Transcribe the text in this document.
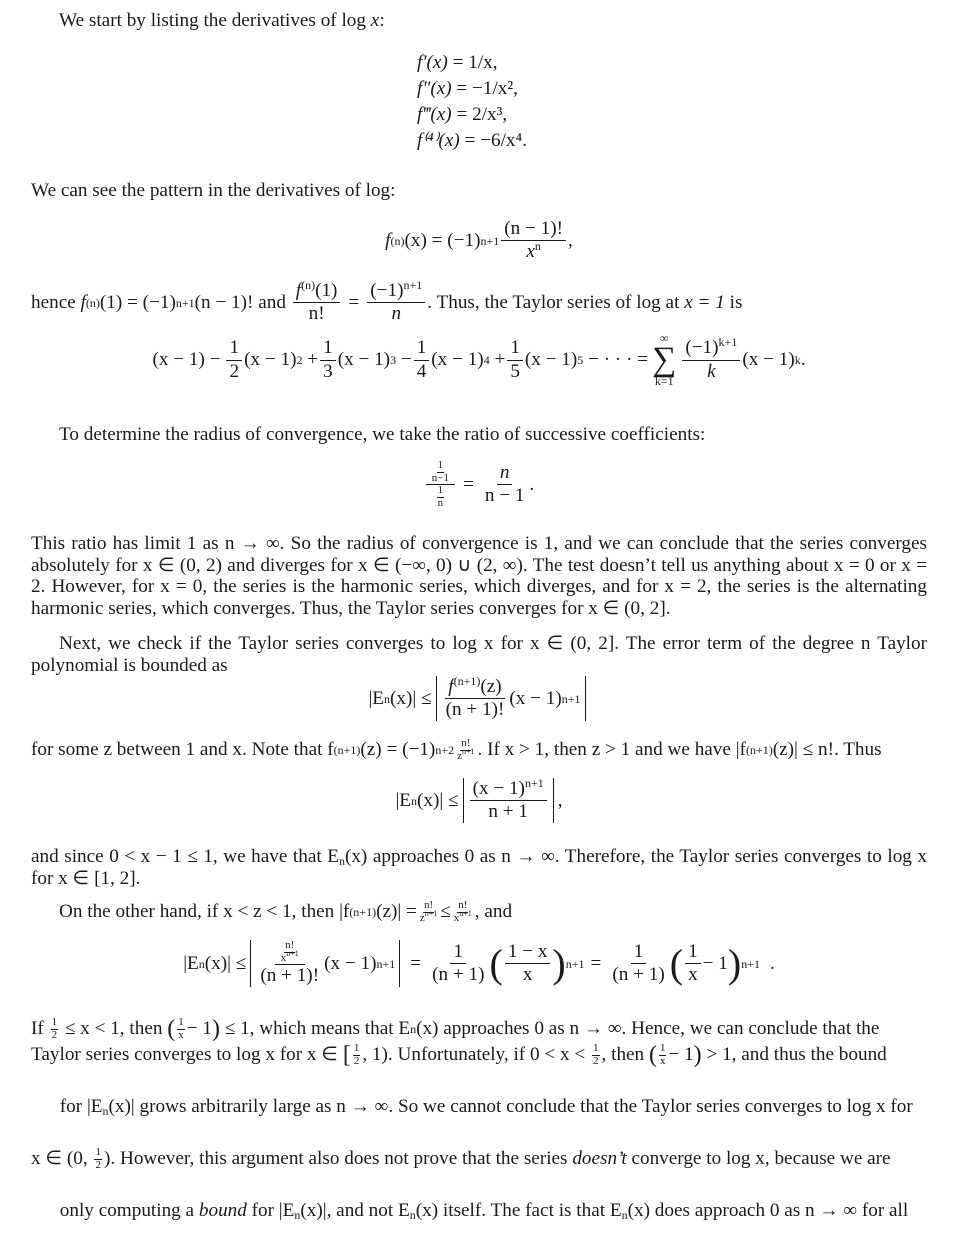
We start by listing the derivatives of log x:

f′(x) = 1/x,
f″(x) = −1/x²,
f‴(x) = 2/x³,
f⁽⁴⁾(x) = −6/x⁴.

We can see the pattern in the derivatives of log:

f (n) (x) = (−1) $n+1 \frac{(n - 1)!}{x^n}$ ,
hence
f (n) (1) = (−1) n+1 (n − 1)! and $\frac{f^{(n)}(1)}{n!} = \frac{(-1)^{n+1}}{n}$ . Thus, the Taylor series of log at x = 1 is
$(x - 1) - \frac{1}{2} (x - 1)$ 2
+ $\frac{1}{3} (x - 1)$ 3
− $\frac{1}{4} (x - 1)$ 4
+ $\frac{1}{5} (x - 1)$ 5
− · · · =
∞
∑
$k=1 \frac{(-1)^{k+1}}{k} (x - 1)$ k .

To determine the radius of convergence, we take the ratio of successive coefficients:

$\frac{\frac{1}{n-1}}{\frac{1}{n}} = \frac{n}{n - 1}$ .

This ratio has limit 1 as n → ∞. So the radius of convergence is 1, and we can conclude that the series converges absolutely for x ∈ (0, 2) and diverges for x ∈ (−∞, 0) ∪ (2, ∞). The test doesn’t tell us anything about x = 0 or x = 2. However, for x = 0, the series is the harmonic series, which diverges, and for x = 2, the series is the alternating harmonic series, which converges. Thus, the Taylor series converges for x ∈ (0, 2].

Next, we check if the Taylor series converges to log x for x ∈ (0, 2]. The error term of the degree n Taylor polynomial is bounded as

|E n $(x)| \le \frac{f^{(n+1)}(z)}{(n + 1)!} (x - 1)$ n+1
for some z between 1 and x. Note that f (n+1) (z) = (−1) $n+2 \frac{n!}{z^{n+1}}$ . If x > 1, then z > 1 and we have |f (n+1) (z)| ≤ n!. Thus
|E n $(x)| \le \frac{(x - 1)^{n+1}}{n + 1}$ ,

and since 0 < x − 1 ≤ 1, we have that $E_n(x)$ approaches 0 as n → ∞. Therefore, the Taylor series converges to log x for x ∈ [1, 2].

On the other hand, if x < z < 1, then |f (n+1) $(z)| = \frac{n!}{z^{n+1}} \le \frac{n!}{x^{n+1}}$ , and
|E n $(x)| \le \frac{\frac{n!}{x^{n+1}}}{(n + 1)!} (x - 1) n+1 = \frac{1}{(n + 1)}$ ( $\frac{1 - x}{x}$ ) $n+1 = \frac{1}{(n + 1)}$ ( $\frac{1}{x} - 1$ ) n+1 .
If $\frac{1}{2} \le x < 1$, then ( $\frac{1}{x} - 1$ ) ≤ 1, which means that E n (x) approaches 0 as n → ∞. Hence, we can conclude that the
Taylor series converges to log x for x ∈ [ $\frac{1}{2}$ , 1) . Unfortunately, if $0 < x < \frac{1}{2}$ , then ( $\frac{1}{x} - 1$ ) > 1, and thus the bound

for $|E_n(x)|$ grows arbitrarily large as n → ∞. So we cannot conclude that the Taylor series converges to log x for

x ∈ (0, $\frac{1}{2}$ ) . However, this argument also does not prove that the series doesn’t converge to log x, because we are

only computing a bound for $|E_n(x)|$, and not $E_n(x)$ itself. The fact is that $E_n(x)$ does approach 0 as n → ∞ for all
